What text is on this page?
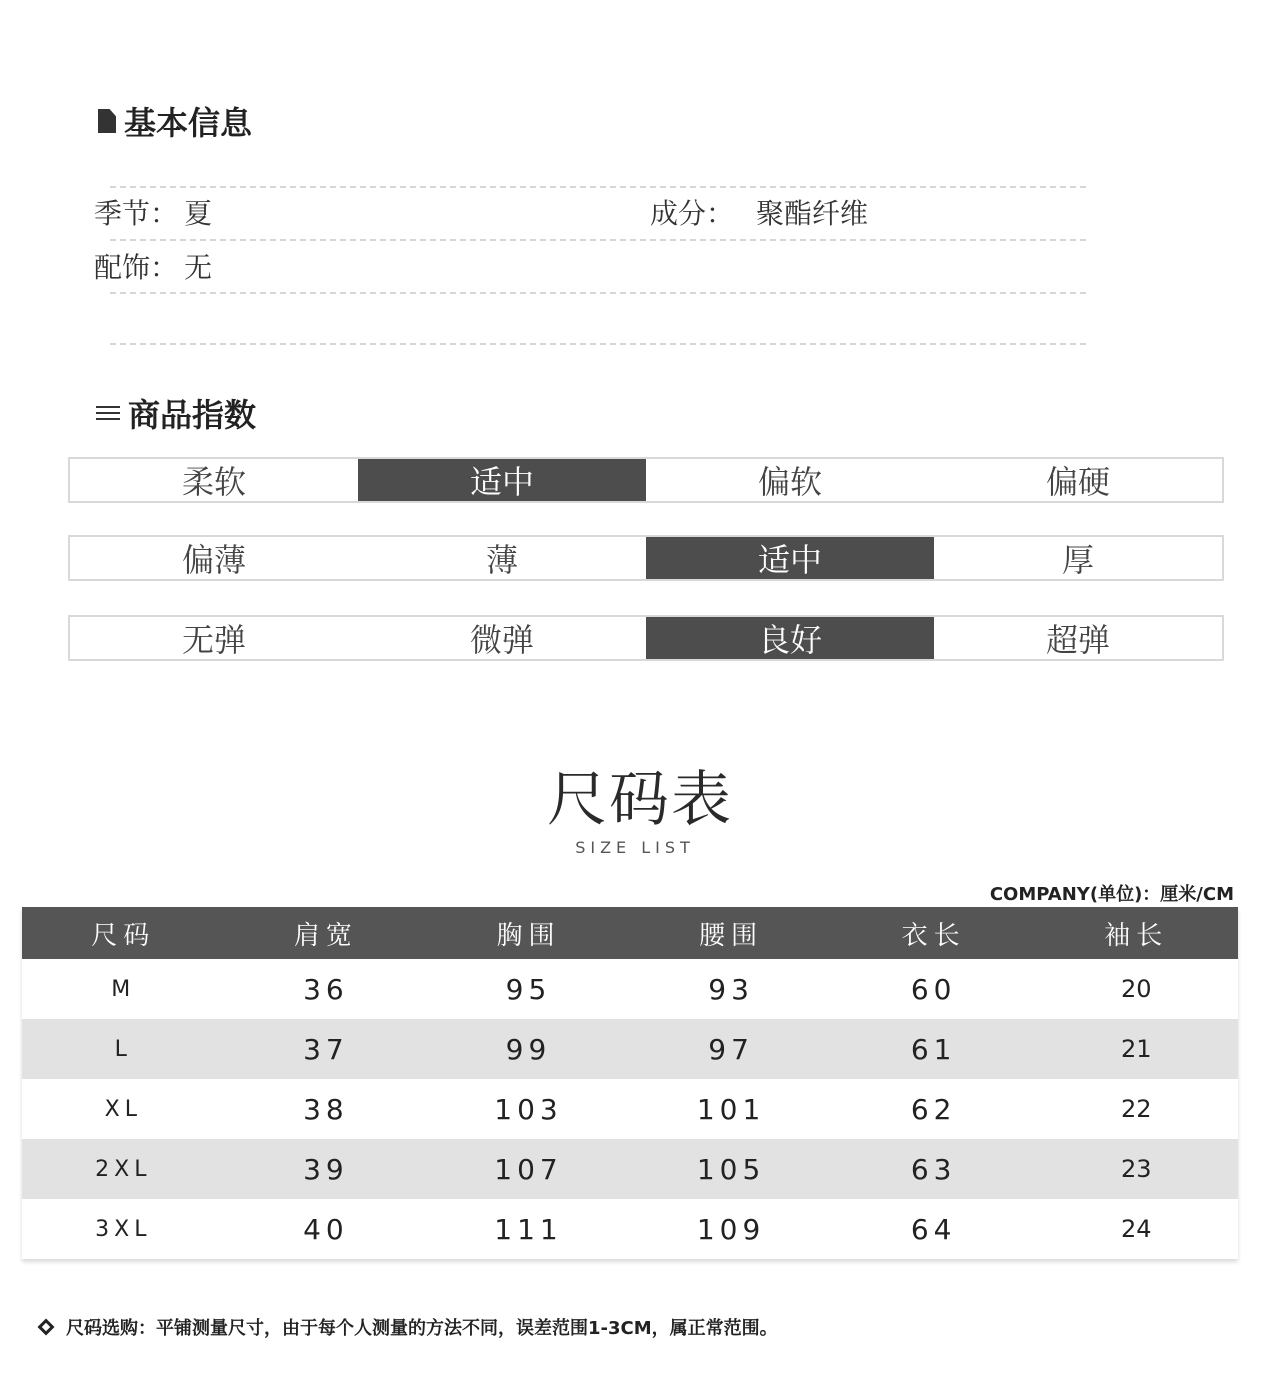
基本信息
季节： 夏	成分： 聚酯纤维
配饰： 无
商品指数
柔软	适中	偏软	偏硬
偏薄	薄	适中	厚
无弹	微弹	良好	超弹
尺码表
SIZE LIST
COMPANY(单位)：厘米/CM
尺码	肩宽	胸围	腰围	衣长	袖长
M	36	95	93	60	20
L	37	99	97	61	21
XL	38	103	101	62	22
2XL	39	107	105	63	23
3XL	40	111	109	64	24
尺码选购：平铺测量尺寸，由于每个人测量的方法不同，误差范围1-3CM，属正常范围。
